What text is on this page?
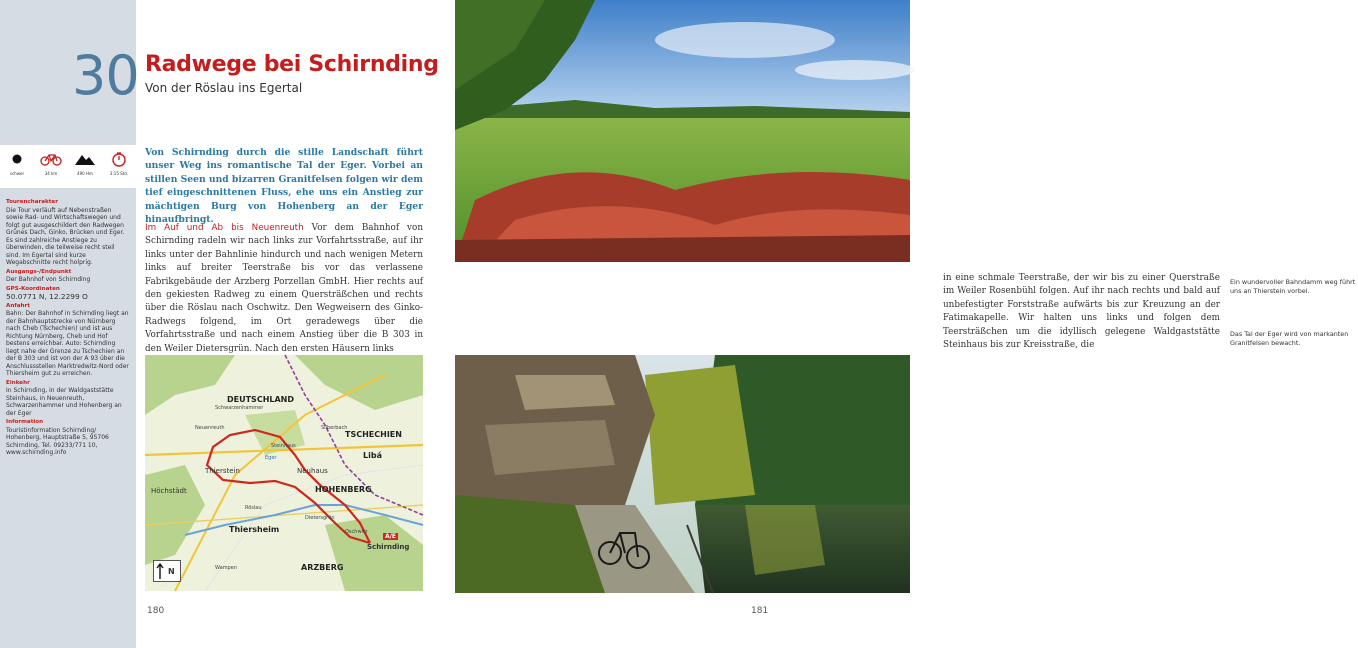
schwer	34 km	490 Hm	3:15 Std.
Tourencharakter
Die Tour verläuft auf Nebenstraßen sowie Rad- und Wirtschaftswegen und folgt gut ausgeschildert den Radwegen Grünes Dach, Ginko, Brücken und Eger. Es sind zahlreiche Anstiege zu überwinden, die teilweise recht steil sind. Im Egertal sind kurze Wegabschnitte recht holprig.
Ausgangs-/Endpunkt
Der Bahnhof von Schirnding
GPS-Koordinaten
50.0771 N, 12.2299 O
Anfahrt
Bahn: Der Bahnhof in Schirnding liegt an der Bahnhauptstrecke von Nürnberg nach Cheb (Tschechien) und ist aus Richtung Nürnberg, Cheb und Hof bestens erreichbar. Auto: Schirnding liegt nahe der Grenze zu Tschechien an der B 303 und ist von der A 93 über die Anschlussstellen Marktredwitz-Nord oder Thiersheim gut zu erreichen.
Einkehr
In Schirnding, in der Waldgaststätte Steinhaus, in Neuenreuth, Schwarzenhammer und Hohenberg an der Eger
Information
Touristinformation Schirnding/ Hohenberg, Hauptstraße 5, 95706 Schirnding, Tel. 09233/771 10, www.schirnding.info
30 Radwege bei Schirnding
Von der Röslau ins Egertal
Von Schirnding durch die stille Landschaft führt unser Weg ins romantische Tal der Eger. Vorbei an stillen Seen und bizarren Granitfelsen folgen wir dem tief eingeschnittenen Fluss, ehe uns ein Anstieg zur mächtigen Burg von Hohenberg an der Eger hinaufbringt.
Im Auf und Ab bis Neuenreuth Vor dem Bahnhof von Schirnding radeln wir nach links zur Vorfahrtsstraße, auf ihr links unter der Bahnlinie hindurch und nach wenigen Metern links auf breiter Teerstraße bis vor das verlassene Fabrikgebäude der Arzberg Porzellan GmbH. Hier rechts auf den gekiesten Radweg zu einem Quersträßchen und rechts über die Röslau nach Oschwitz. Den Wegweisern des Ginko-Radwegs folgend, im Ort geradewegs über die Vorfahrtsstraße und nach einem Anstieg über die B 303 in den Weiler Dietersgrün. Nach den ersten Häusern links
DEUTSCHLAND
TSCHECHIEN
Libá
Thierstein
Höchstädt
Neuhaus
HOHENBERG
Thiersheim
ARZBERG
Schirnding
Schwarzenhammer
Neuenreuth
Steinhaus
Silberbach
Dietersgrün
Oschwitz
Röslau
Eger
Wampen
A/E
N
180
in eine schmale Teerstraße, der wir bis zu einer Querstraße im Weiler Rosenbühl folgen. Auf ihr nach rechts und bald auf unbefestigter Forststraße aufwärts bis zur Kreuzung an der Fatimakapelle. Wir halten uns links und folgen dem Teersträßchen um die idyllisch gelegene Waldgaststätte Steinhaus bis zur Kreisstraße, die
Ein wundervoller Bahndamm weg führt uns an Thierstein vorbei.
Das Tal der Eger wird von markanten Granitfelsen bewacht.
181
